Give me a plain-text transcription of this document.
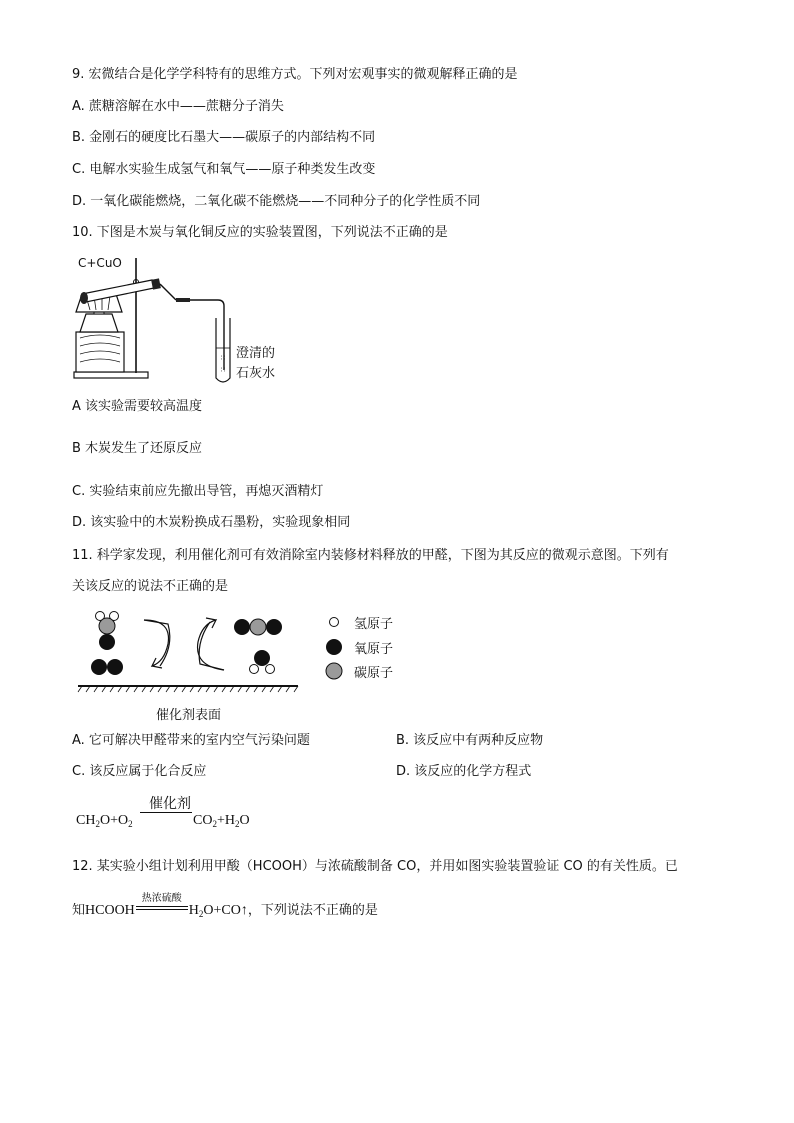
9. 宏微结合是化学学科特有的思维方式。下列对宏观事实的微观解释正确的是
A. 蔗糖溶解在水中——蔗糖分子消失
B. 金刚石的硬度比石墨大——碳原子的内部结构不同
C. 电解水实验生成氢气和氧气——原子种类发生改变
D. 一氧化碳能燃烧，二氧化碳不能燃烧——不同种分子的化学性质不同
10. 下图是木炭与氧化铜反应的实验装置图，下列说法不正确的是
C+CuO
澄清的
石灰水
∷
∷
A 该实验需要较高温度
B 木炭发生了还原反应
C. 实验结束前应先撤出导管，再熄灭酒精灯
D. 该实验中的木炭粉换成石墨粉，实验现象相同
11. 科学家发现，利用催化剂可有效消除室内装修材料释放的甲醛，下图为其反应的微观示意图。下列有
关该反应的说法不正确的是
氢原子
氧原子
碳原子
催化剂表面
A. 它可解决甲醛带来的室内空气污染问题	B. 该反应中有两种反应物
C. 该反应属于化合反应	D. 该反应的化学方程式
催化剂
$CH_2O+O_2$	$CO_2+H_2O$
12. 某实验小组计划利用甲酸（HCOOH）与浓硫酸制备 CO，并用如图实验装置验证 CO 的有关性质。已
知HCOOH
热浓硫酸
$H_2O+CO↑$，下列说法不正确的是
